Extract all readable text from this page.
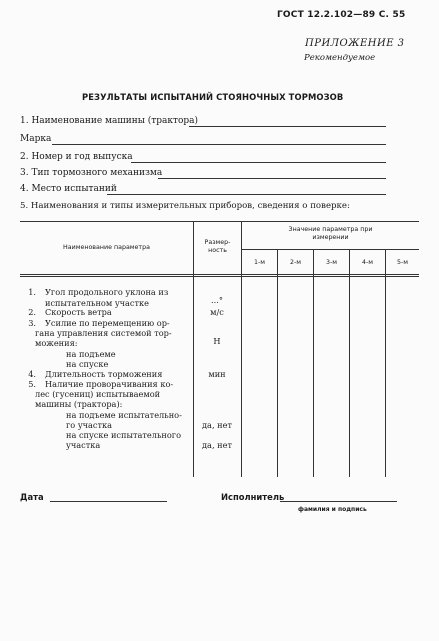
ГОСТ 12.2.102—89 С. 55
ПРИЛОЖЕНИЕ 3
Рекомендуемое
РЕЗУЛЬТАТЫ ИСПЫТАНИЙ СТОЯНОЧНЫХ ТОРМОЗОВ
1. Наименование машины (трактора)
Марка
2. Номер и год выпуска
3. Тип тормозного механизма
4. Место испытаний
5. Наименования и типы измерительных приборов, сведения о поверке:
Наименование параметра
Размер-
ность
Значение параметра при
измерении
1-м	2-м	3-м	4-м	5-м
1. Угол продольного уклона из
испытательном участке	...°
2. Скорость ветра	м/с
3. Усилие по перемещению ор-
гана управления системой тор-
можения:	Н
на подъеме
на спуске
4. Длительность торможения	мин
5. Наличие проворачивания ко-
лес (гусениц) испытываемой
машины (трактора):
на подъеме испытательно-
го участка	да, нет
на спуске испытательного
участка	да, нет
Дата	Исполнитель
фамилия и подпись
